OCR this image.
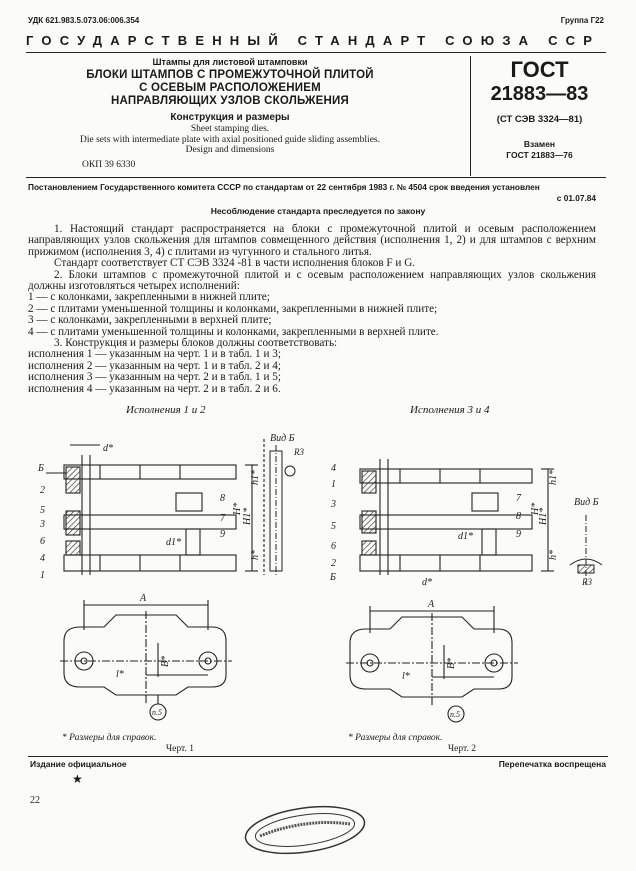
УДК 621.983.5.073.06:006.354	Группа Г22
ГОСУДАРСТВЕННЫЙ СТАНДАРТ СОЮЗА ССР
Штампы для листовой штамповки
БЛОКИ ШТАМПОВ С ПРОМЕЖУТОЧНОЙ ПЛИТОЙ
С ОСЕВЫМ РАСПОЛОЖЕНИЕМ
НАПРАВЛЯЮЩИХ УЗЛОВ СКОЛЬЖЕНИЯ
Конструкция и размеры
Sheet stamping dies.
Die sets with intermediate plate with axial positioned guide sliding assemblies.
Design and dimensions
ОКП 39 6330
ГОСТ
21883—83
(СТ СЭВ 3324—81)
Взамен
ГОСТ 21883—76
Постановлением Государственного комитета СССР по стандартам от 22 сентября 1983 г. № 4504 срок введения установлен
с 01.07.84
Несоблюдение стандарта преследуется по закону

1. Настоящий стандарт распространяется на блоки с промежуточной плитой и осевым расположением направляющих узлов скольжения для штампов совмещенного действия (исполнения 1, 2) и для штампов с верхним прижимом (исполнения 3, 4) с плитами из чугунного и стального литья.

Стандарт соответствует СТ СЭВ 3324 -81 в части исполнения блоков F и G.

2. Блоки штампов с промежуточной плитой и с осевым расположением направляющих узлов скольжения должны изготовляться четырех исполнений:

1 — с колонками, закрепленными в нижней плите;

2 — с плитами уменьшенной толщины и колонками, закрепленными в нижней плите;

3 — с колонками, закрепленными в верхней плите;

4 — с плитами уменьшенной толщины и колонками, закрепленными в верхней плите.

3. Конструкция и размеры блоков должны соответствовать:

исполнения 1 — указанным на черт. 1 и в табл. 1 и 3;

исполнения 2 — указанным на черт. 1 и в табл. 2 и 4;

исполнения 3 — указанным на черт. 2 и в табл. 1 и 5;

исполнения 4 — указанным на черт. 2 и в табл. 2 и 6.

Исполнения 1 и 2	Исполнения 3 и 4
Б
d*
d1*
2
5
3
6
4
1
8
7
9
Вид Б
H* H1*
h1*
h*
R3
4
1
3
5
6
2
Б
7
8
9
d1*
d*
Вид Б
R3
H*
H1*
h1*
h*
A
l*
B*
n.5
A
l*
B*
n.5
* Размеры для справок.	* Размеры для справок.
Черт. 1	Черт. 2
Издание официальное
★
Перепечатка воспрещена
22
